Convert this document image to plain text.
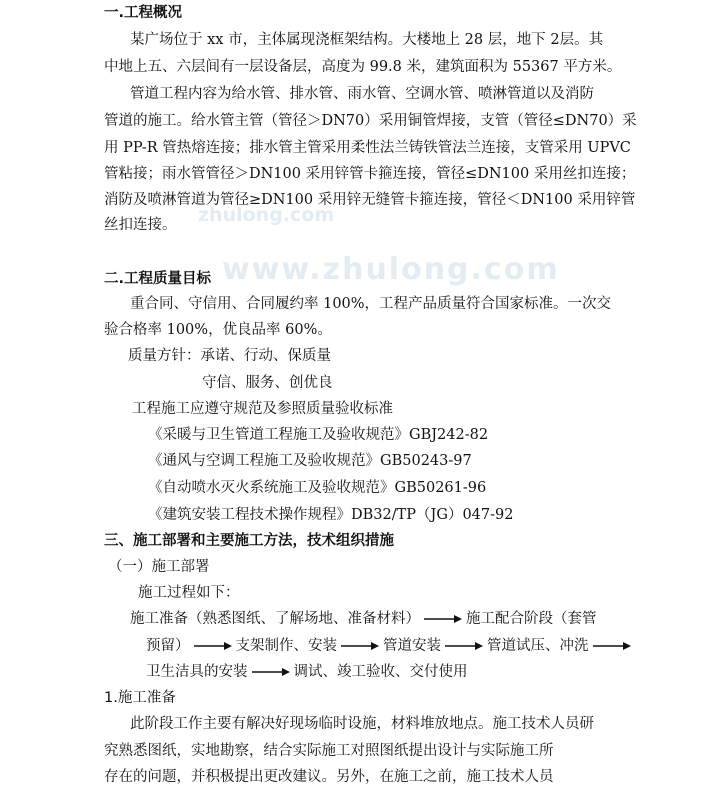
zhulong.com
www.zhulong.com
一.工程概况
某广场位于 xx 市，主体属现浇框架结构。大楼地上 28 层，地下 2层。其
中地上五、六层间有一层设备层，高度为 99.8 米，建筑面积为 55367 平方米。
管道工程内容为给水管、排水管、雨水管、空调水管、喷淋管道以及消防
管道的施工。给水管主管（管径＞DN70）采用铜管焊接，支管（管径≤DN70）采
用 PP-R 管热熔连接；排水管主管采用柔性法兰铸铁管法兰连接，支管采用 UPVC
管粘接；雨水管管径＞DN100 采用锌管卡箍连接，管径≤DN100 采用丝扣连接；
消防及喷淋管道为管径≥DN100 采用锌无缝管卡箍连接，管径＜DN100 采用锌管
丝扣连接。
二.工程质量目标
重合同、守信用、合同履约率 100%，工程产品质量符合国家标准。一次交
验合格率 100%，优良品率 60%。
质量方针：承诺、行动、保质量
守信、服务、创优良
工程施工应遵守规范及参照质量验收标准
《采暖与卫生管道工程施工及验收规范》GBJ242-82
《通风与空调工程施工及验收规范》GB50243-97
《自动喷水灭火系统施工及验收规范》GB50261-96
《建筑安装工程技术操作规程》DB32/TP（JG）047-92
三、施工部署和主要施工方法，技术组织措施
（一）施工部署
施工过程如下：
施工准备（熟悉图纸、了解场地、准备材料）	施工配合阶段（套管
预留）	支架制作、安装	管道安装	管道试压、冲洗
卫生洁具的安装	调试、竣工验收、交付使用
1.施工准备
此阶段工作主要有解决好现场临时设施，材料堆放地点。施工技术人员研
究熟悉图纸，实地勘察，结合实际施工对照图纸提出设计与实际施工所
存在的问题，并积极提出更改建议。另外，在施工之前，施工技术人员
